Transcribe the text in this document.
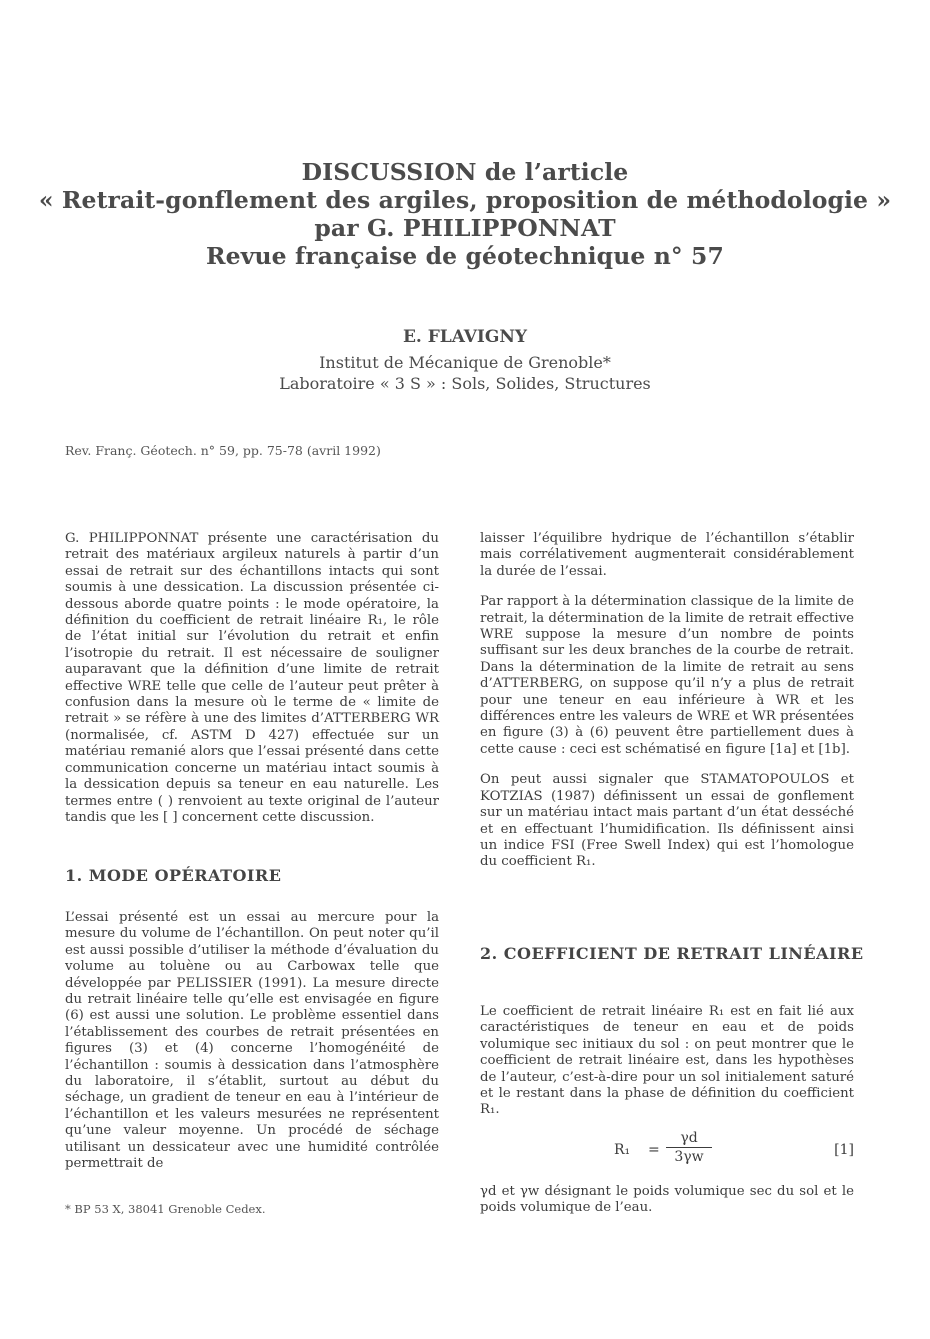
DISCUSSION de l’article
« Retrait-gonflement des argiles, proposition de méthodologie »
par G. PHILIPPONNAT
Revue française de géotechnique n° 57
E. FLAVIGNY
Institut de Mécanique de Grenoble*
Laboratoire « 3 S » : Sols, Solides, Structures
Rev. Franç. Géotech. n° 59, pp. 75-78 (avril 1992)

G. PHILIPPONNAT présente une caractérisation du retrait des matériaux argileux naturels à partir d’un essai de retrait sur des échantillons intacts qui sont soumis à une dessication. La discussion présentée ci-dessous aborde quatre points : le mode opératoire, la définition du coefficient de retrait linéaire R₁, le rôle de l’état initial sur l’évolution du retrait et enfin l’isotropie du retrait. Il est nécessaire de souligner auparavant que la définition d’une limite de retrait effective WRE telle que celle de l’auteur peut prêter à confusion dans la mesure où le terme de « limite de retrait » se réfère à une des limites d’ATTERBERG WR (normalisée, cf. ASTM D 427) effectuée sur un matériau remanié alors que l’essai présenté dans cette communication concerne un matériau intact soumis à la dessication depuis sa teneur en eau naturelle. Les termes entre ( ) renvoient au texte original de l’auteur tandis que les [ ] concernent cette discussion.

1. MODE OPÉRATOIRE

L’essai présenté est un essai au mercure pour la mesure du volume de l’échantillon. On peut noter qu’il est aussi possible d’utiliser la méthode d’évaluation du volume au toluène ou au Carbowax telle que développée par PELISSIER (1991). La mesure directe du retrait linéaire telle qu’elle est envisagée en figure (6) est aussi une solution. Le problème essentiel dans l’établissement des courbes de retrait présentées en figures (3) et (4) concerne l’homogénéité de l’échantillon : soumis à dessication dans l’atmosphère du laboratoire, il s’établit, surtout au début du séchage, un gradient de teneur en eau à l’intérieur de l’échantillon et les valeurs mesurées ne représentent qu’une valeur moyenne. Un procédé de séchage utilisant un dessicateur avec une humidité contrôlée permettrait de

* BP 53 X, 38041 Grenoble Cedex.

laisser l’équilibre hydrique de l’échantillon s’établir mais corrélativement augmenterait considérablement la durée de l’essai.

Par rapport à la détermination classique de la limite de retrait, la détermination de la limite de retrait effective WRE suppose la mesure d’un nombre de points suffisant sur les deux branches de la courbe de retrait. Dans la détermination de la limite de retrait au sens d’ATTERBERG, on suppose qu’il n’y a plus de retrait pour une teneur en eau inférieure à WR et les différences entre les valeurs de WRE et WR présentées en figure (3) à (6) peuvent être partiellement dues à cette cause : ceci est schématisé en figure [1a] et [1b].

On peut aussi signaler que STAMATOPOULOS et KOTZIAS (1987) définissent un essai de gonflement sur un matériau intact mais partant d’un état desséché et en effectuant l’humidification. Ils définissent ainsi un indice FSI (Free Swell Index) qui est l’homologue du coefficient R₁.

2. COEFFICIENT DE RETRAIT LINÉAIRE

Le coefficient de retrait linéaire R₁ est en fait lié aux caractéristiques de teneur en eau et de poids volumique sec initiaux du sol : on peut montrer que le coefficient de retrait linéaire est, dans les hypothèses de l’auteur, c’est-à-dire pour un sol initialement saturé et le restant dans la phase de définition du coefficient R₁.

$R_1 = \frac{\gamma d}{3\gamma w}$	[1]

γd et γw désignant le poids volumique sec du sol et le poids volumique de l’eau.
